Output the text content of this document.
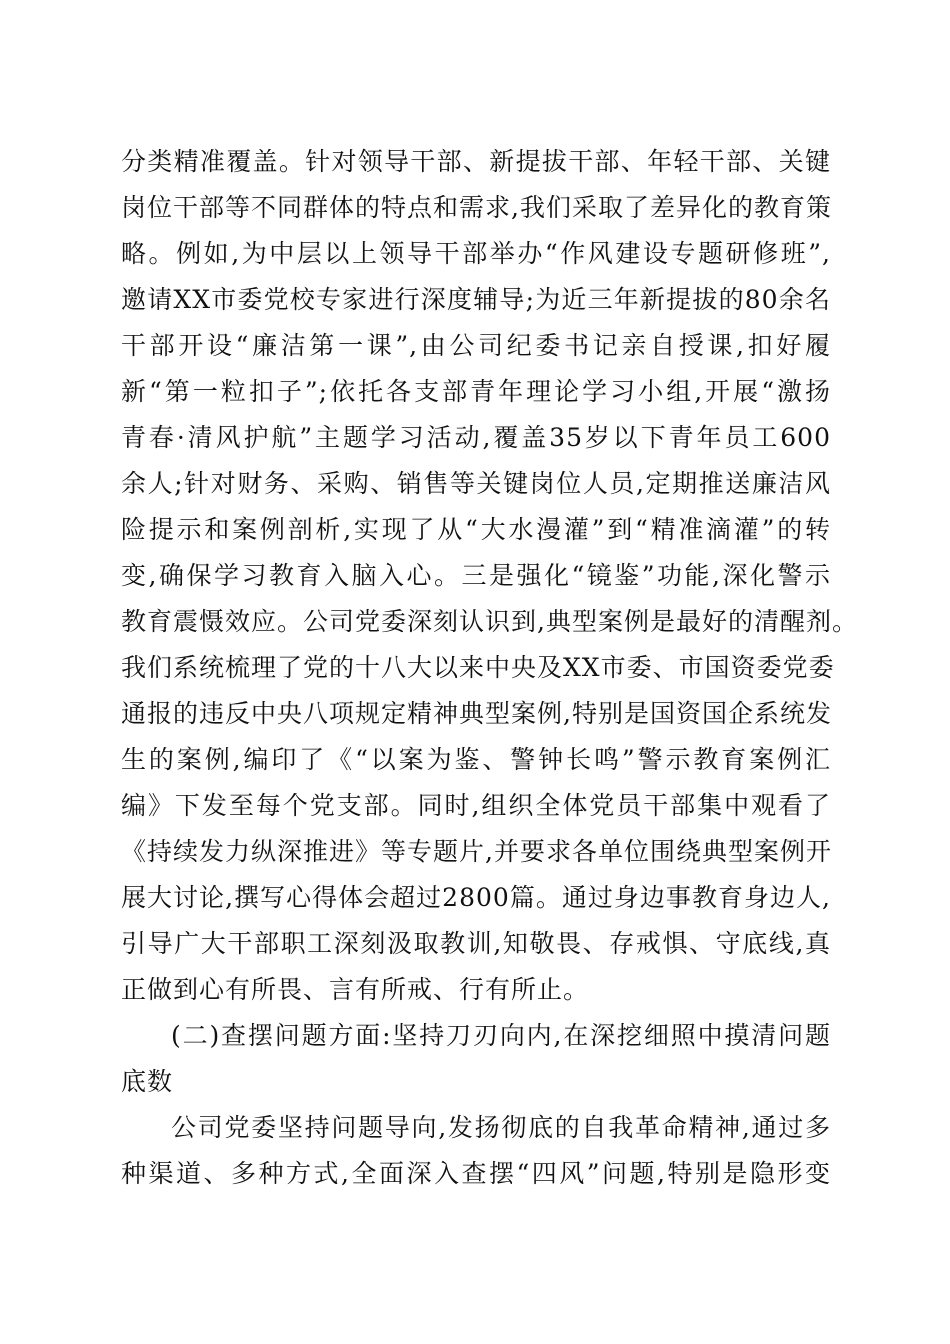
分类精准覆盖。针对领导干部、新提拔干部、年轻干部、关键
岗位干部等不同群体的特点和需求,我们采取了差异化的教育策
略。例如,为中层以上领导干部举办“作风建设专题研修班”,
邀请XX市委党校专家进行深度辅导;为近三年新提拔的80余名
干部开设“廉洁第一课”,由公司纪委书记亲自授课,扣好履
新“第一粒扣子”;依托各支部青年理论学习小组,开展“激扬
青春·清风护航”主题学习活动,覆盖35岁以下青年员工600
余人;针对财务、采购、销售等关键岗位人员,定期推送廉洁风
险提示和案例剖析,实现了从“大水漫灌”到“精准滴灌”的转
变,确保学习教育入脑入心。三是强化“镜鉴”功能,深化警示
教育震慑效应。公司党委深刻认识到,典型案例是最好的清醒剂。
我们系统梳理了党的十八大以来中央及XX市委、市国资委党委
通报的违反中央八项规定精神典型案例,特别是国资国企系统发
生的案例,编印了《“以案为鉴、警钟长鸣”警示教育案例汇
编》下发至每个党支部。同时,组织全体党员干部集中观看了
《持续发力纵深推进》等专题片,并要求各单位围绕典型案例开
展大讨论,撰写心得体会超过2800篇。通过身边事教育身边人,
引导广大干部职工深刻汲取教训,知敬畏、存戒惧、守底线,真
正做到心有所畏、言有所戒、行有所止。
(二)查摆问题方面:坚持刀刃向内,在深挖细照中摸清问题
底数
公司党委坚持问题导向,发扬彻底的自我革命精神,通过多
种渠道、多种方式,全面深入查摆“四风”问题,特别是隐形变
